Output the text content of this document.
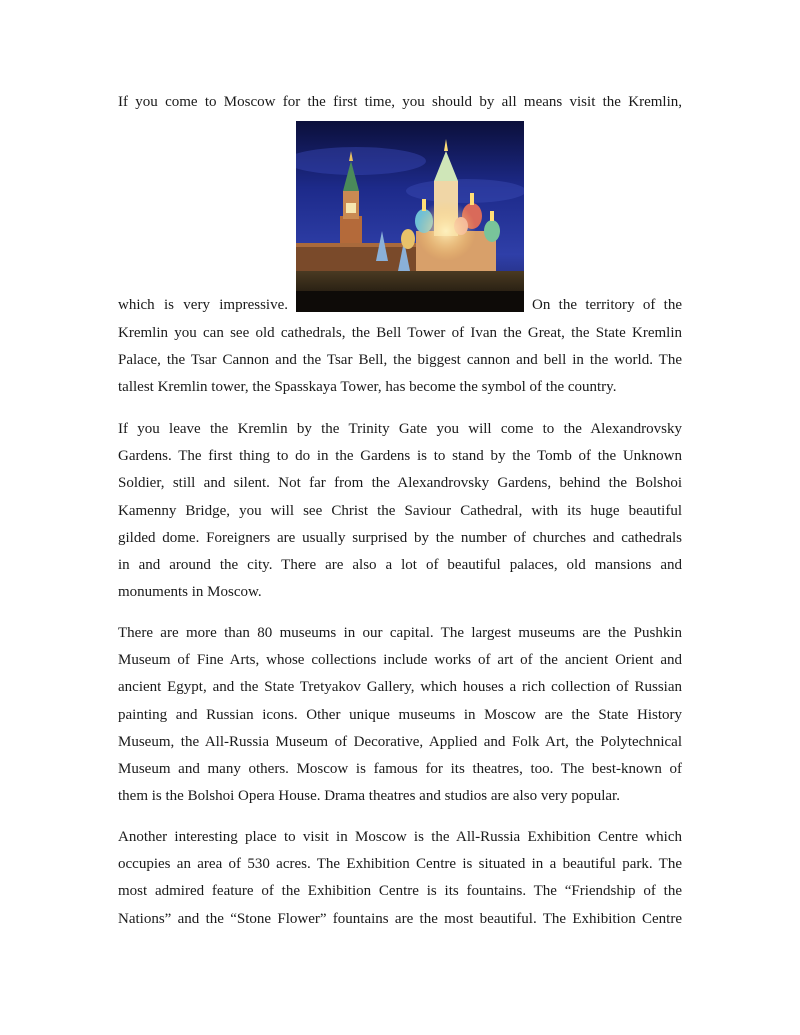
If you come to Moscow for the first time, you should by all means visit the Kremlin,
which is very impressive.	On the territory of the
Kremlin you can see old cathedrals, the Bell Tower of Ivan the Great, the State Kremlin
Palace, the Tsar Cannon and the Tsar Bell, the biggest cannon and bell in the world. The
tallest Kremlin tower, the Spasskaya Tower, has become the symbol of the country.
If you leave the Kremlin by the Trinity Gate you will come to the Alexandrovsky
Gardens. The first thing to do in the Gardens is to stand by the Tomb of the Unknown
Soldier, still and silent. Not far from the Alexandrovsky Gardens, behind the Bolshoi
Kamenny Bridge, you will see Christ the Saviour Cathedral, with its huge beautiful
gilded dome. Foreigners are usually surprised by the number of churches and cathedrals
in and around the city. There are also a lot of beautiful palaces, old mansions and
monuments in Moscow.
There are more than 80 museums in our capital. The largest museums are the Pushkin
Museum of Fine Arts, whose collections include works of art of the ancient Orient and
ancient Egypt, and the State Tretyakov Gallery, which houses a rich collection of Russian
painting and Russian icons. Other unique museums in Moscow are the State History
Museum, the All-Russia Museum of Decorative, Applied and Folk Art, the Polytechnical
Museum and many others. Moscow is famous for its theatres, too. The best-known of
them is the Bolshoi Opera House. Drama theatres and studios are also very popular.
Another interesting place to visit in Moscow is the All-Russia Exhibition Centre which
occupies an area of 530 acres. The Exhibition Centre is situated in a beautiful park. The
most admired feature of the Exhibition Centre is its fountains. The “Friendship of the
Nations” and the “Stone Flower” fountains are the most beautiful. The Exhibition Centre
